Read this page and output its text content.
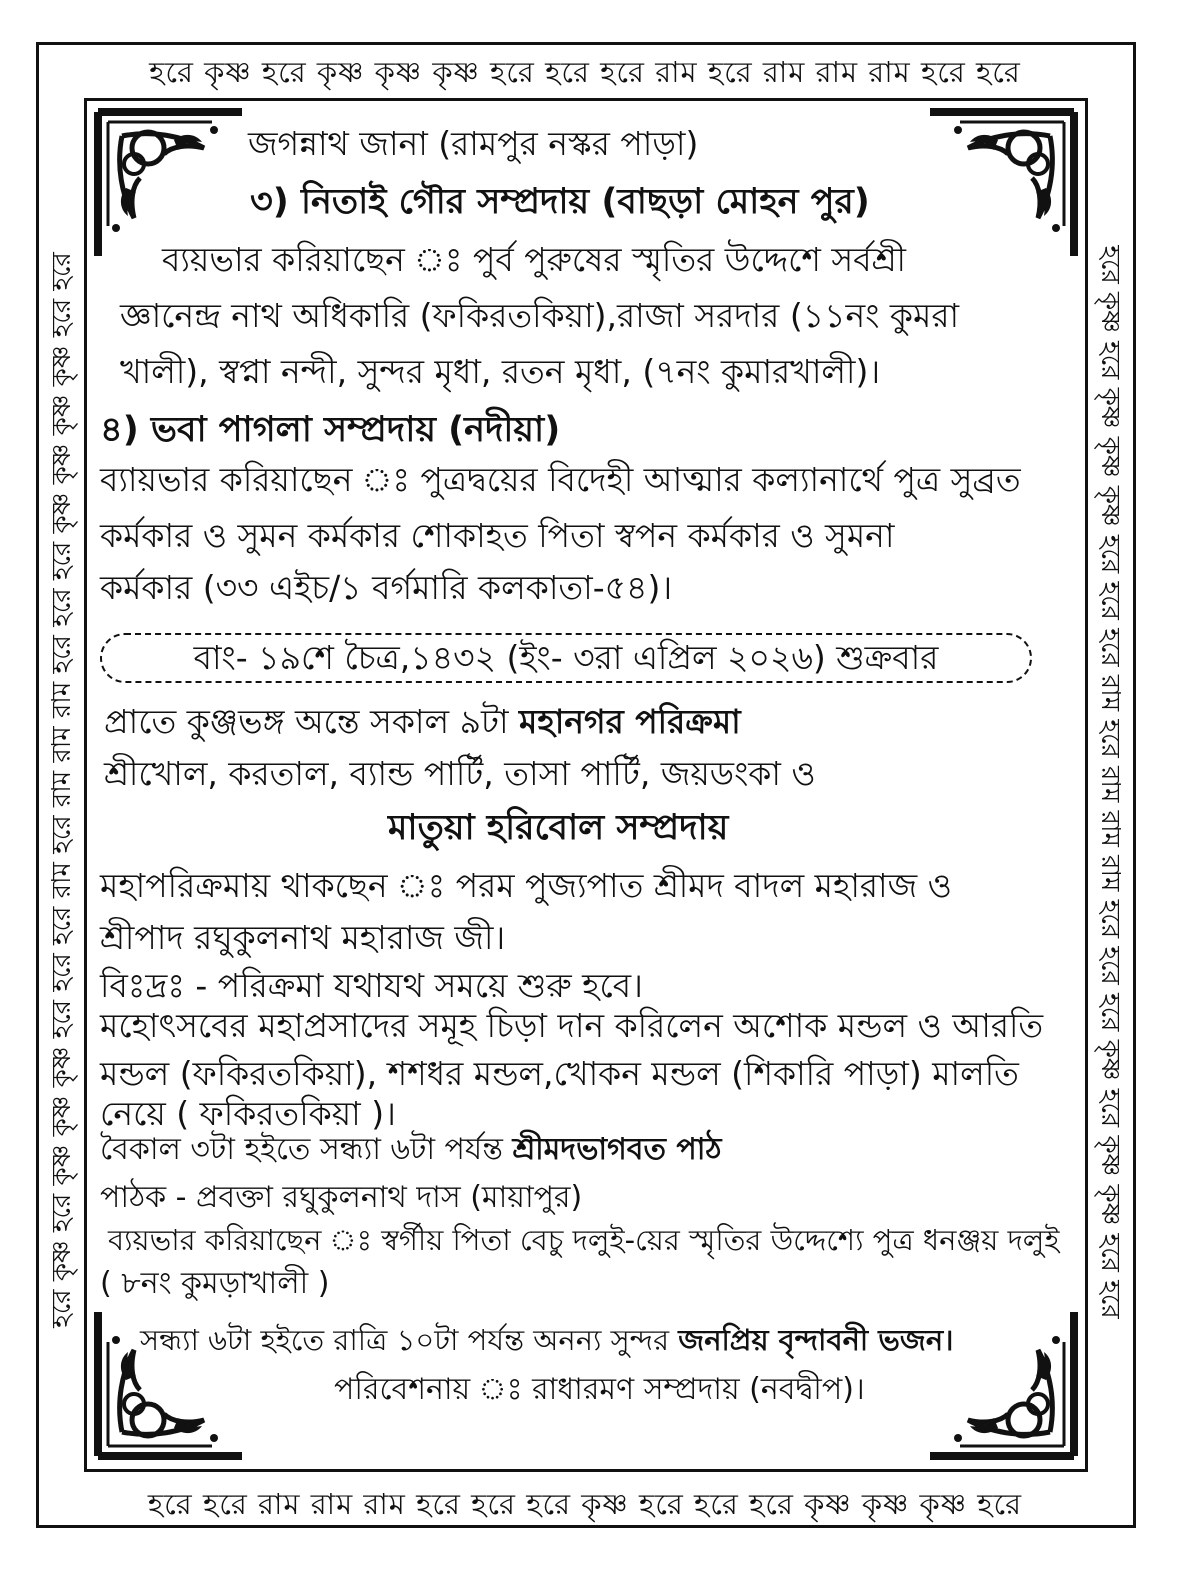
হরে কৃষ্ণ হরে কৃষ্ণ কৃষ্ণ কৃষ্ণ হরে হরে হরে রাম হরে রাম রাম রাম হরে হরে
হরে হরে রাম রাম রাম হরে হরে হরে কৃষ্ণ হরে হরে হরে কৃষ্ণ কৃষ্ণ কৃষ্ণ হরে
হরে কৃষ্ণ হরে কৃষ্ণ কৃষ্ণ কৃষ্ণ হরে হরে হরে রাম হরে রাম রাম রাম হরে হরে হরে কৃষ্ণ কৃষ্ণ কৃষ্ণ কৃষ্ণ হরে হরে	হরে কৃষ্ণ হরে কৃষ্ণ কৃষ্ণ কৃষ্ণ হরে হরে হরে রাম হরে রাম রাম রাম হরে হরে হরে কৃষ্ণ হরে কৃষ্ণ কৃষ্ণ হরে হরে
জগন্নাথ জানা (রামপুর নস্কর পাড়া)
৩) নিতাই গৌর সম্প্রদায় (বাছড়া মোহন পুর)
ব্যয়ভার করিয়াছেন ঃ পুর্ব পুরুষের স্মৃতির উদ্দেশে সর্বশ্রী
জ্ঞানেন্দ্র নাথ অধিকারি (ফকিরতকিয়া),রাজা সরদার (১১নং কুমরা
খালী), স্বপ্না নন্দী, সুন্দর মৃধা, রতন মৃধা, (৭নং কুমারখালী)।
৪) ভবা পাগলা সম্প্রদায় (নদীয়া)
ব্যায়ভার করিয়াছেন ঃ পুত্রদ্বয়ের বিদেহী আত্মার কল্যানার্থে পুত্র সুব্রত
কর্মকার ও সুমন কর্মকার শোকাহত পিতা স্বপন কর্মকার ও সুমনা
কর্মকার (৩৩ এইচ/১ বর্গমারি কলকাতা-৫৪)।
বাং- ১৯শে চৈত্র,১৪৩২ (ইং- ৩রা এপ্রিল ২০২৬) শুক্রবার
প্রাতে কুঞ্জভঙ্গ অন্তে সকাল ৯টা মহানগর পরিক্রমা
শ্রীখোল, করতাল, ব্যান্ড পার্টি, তাসা পার্টি, জয়ডংকা ও
মাতুয়া হরিবোল সম্প্রদায়
মহাপরিক্রমায় থাকছেন ঃ পরম পুজ্যপাত শ্রীমদ বাদল মহারাজ ও
শ্রীপাদ রঘুকুলনাথ মহারাজ জী।
বিঃদ্রঃ - পরিক্রমা যথাযথ সময়ে শুরু হবে।
মহোৎসবের মহাপ্রসাদের সমূহ চিড়া দান করিলেন অশোক মন্ডল ও আরতি
মন্ডল (ফকিরতকিয়া), শশধর মন্ডল,খোকন মন্ডল (শিকারি পাড়া) মালতি
নেয়ে ( ফকিরতকিয়া )।
বৈকাল ৩টা হইতে সন্ধ্যা ৬টা পর্যন্ত শ্রীমদভাগবত পাঠ
পাঠক - প্রবক্তা রঘুকুলনাথ দাস (মায়াপুর)
ব্যয়ভার করিয়াছেন ঃ স্বর্গীয় পিতা বেচু দলুই-য়ের স্মৃতির উদ্দেশ্যে পুত্র ধনঞ্জয় দলুই
( ৮নং কুমড়াখালী )
সন্ধ্যা ৬টা হইতে রাত্রি ১০টা পর্যন্ত অনন্য সুন্দর জনপ্রিয় বৃন্দাবনী ভজন।
পরিবেশনায় ঃ রাধারমণ সম্প্রদায় (নবদ্বীপ)।
